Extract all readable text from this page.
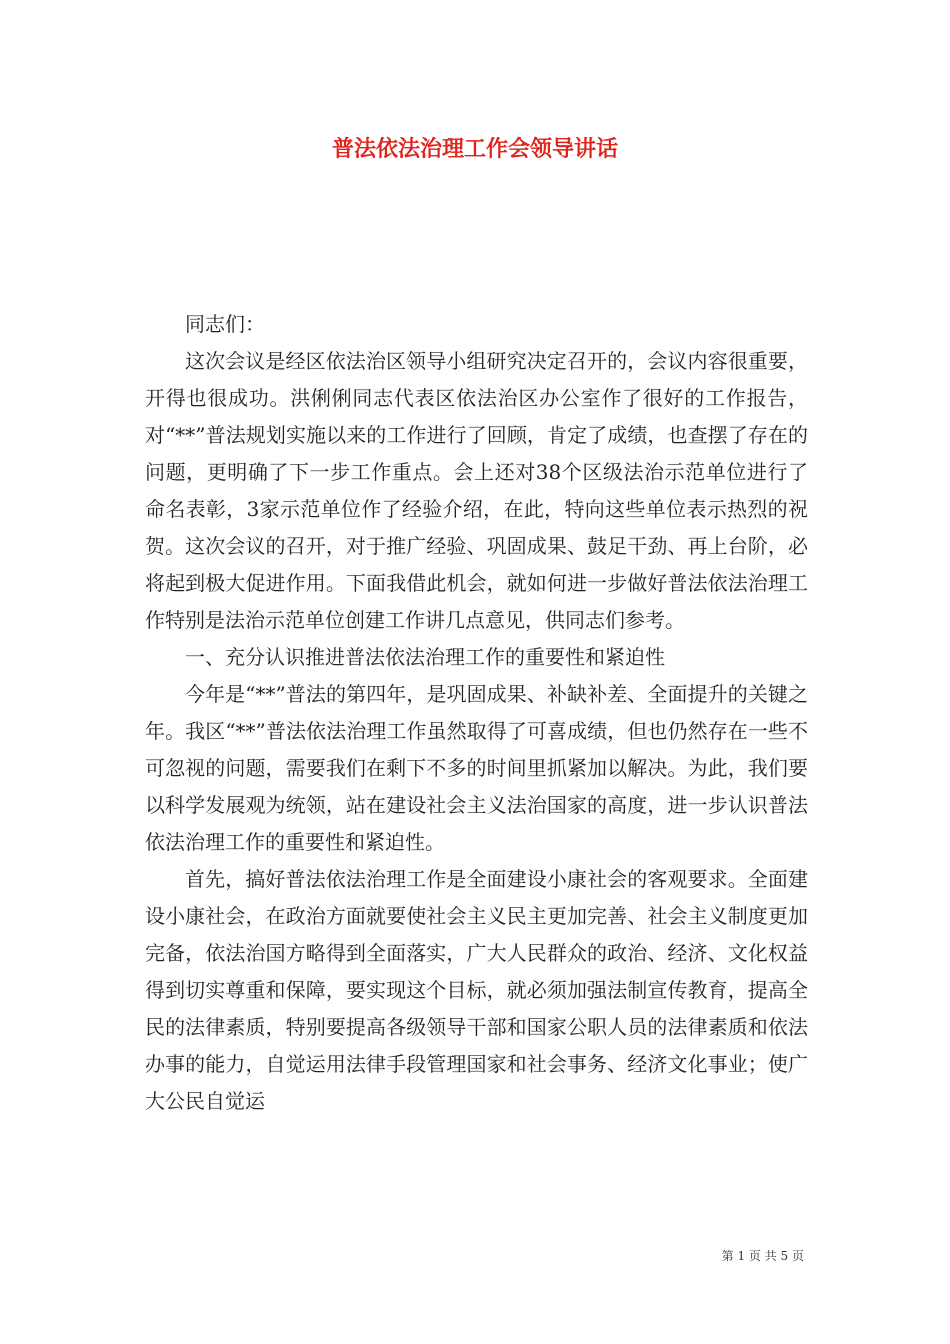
普法依法治理工作会领导讲话

同志们：

这次会议是经区依法治区领导小组研究决定召开的，会议内容很重要，开得也很成功。洪俐俐同志代表区依法治区办公室作了很好的工作报告，对“**”普法规划实施以来的工作进行了回顾，肯定了成绩，也查摆了存在的问题，更明确了下一步工作重点。会上还对38个区级法治示范单位进行了命名表彰，3家示范单位作了经验介绍，在此，特向这些单位表示热烈的祝贺。这次会议的召开，对于推广经验、巩固成果、鼓足干劲、再上台阶，必将起到极大促进作用。下面我借此机会，就如何进一步做好普法依法治理工作特别是法治示范单位创建工作讲几点意见，供同志们参考。

一、充分认识推进普法依法治理工作的重要性和紧迫性

今年是“**”普法的第四年，是巩固成果、补缺补差、全面提升的关键之年。我区“**”普法依法治理工作虽然取得了可喜成绩，但也仍然存在一些不可忽视的问题，需要我们在剩下不多的时间里抓紧加以解决。为此，我们要以科学发展观为统领，站在建设社会主义法治国家的高度，进一步认识普法依法治理工作的重要性和紧迫性。

首先，搞好普法依法治理工作是全面建设小康社会的客观要求。全面建设小康社会，在政治方面就要使社会主义民主更加完善、社会主义制度更加完备，依法治国方略得到全面落实，广大人民群众的政治、经济、文化权益得到切实尊重和保障，要实现这个目标，就必须加强法制宣传教育，提高全民的法律素质，特别要提高各级领导干部和国家公职人员的法律素质和依法办事的能力，自觉运用法律手段管理国家和社会事务、经济文化事业；使广大公民自觉运

第 1 页 共 5 页
